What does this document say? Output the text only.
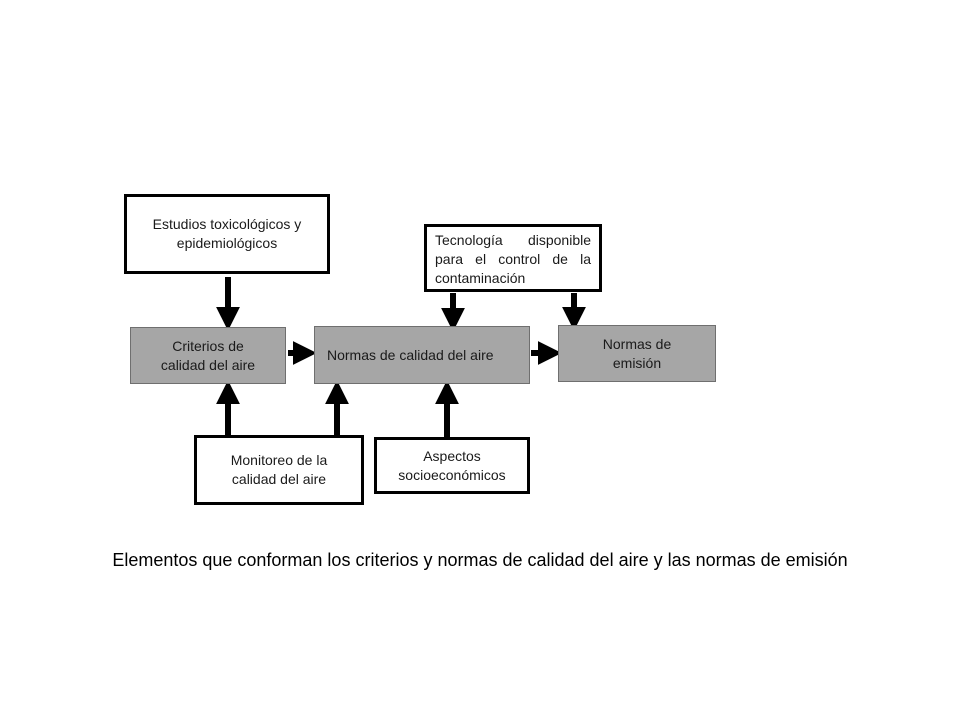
Estudios toxicológicos y epidemiológicos	Tecnología disponible para el control de la contaminación
Criterios de calidad del aire
Normas de calidad del aire
Normas de emisión
Monitoreo de la calidad del aire
Aspectos socioeconómicos
Elementos que conforman los criterios y normas de calidad del aire y las normas de emisión
